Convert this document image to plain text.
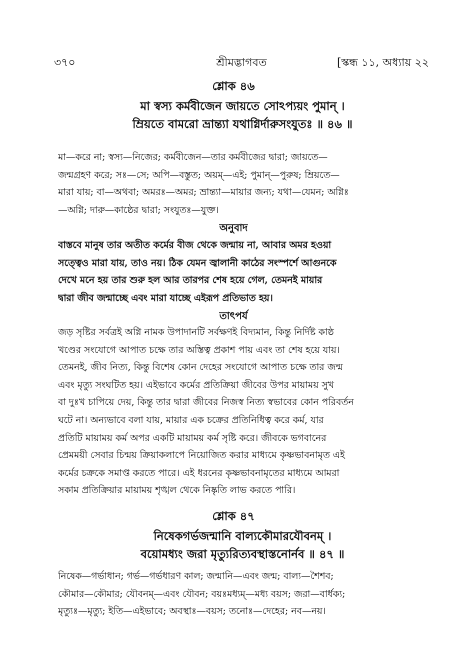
৩৭০	শ্রীমদ্ভাগবত	[স্কন্ধ ১১, অধ্যায় ২২
শ্লোক ৪৬
মা স্বস্য কর্মবীজেন জায়তে সোঽপ্যয়ং পুমান্ ।
ম্রিয়তে বামরো ভ্রান্ত্যা যথাগ্নির্দারুসংযুতঃ ॥ ৪৬ ॥
মা—করে না; স্বস্য—নিজের; কর্মবীজেন—তার কর্মবীজের দ্বারা; জায়তে—
জন্মগ্রহণ করে; সঃ—সে; অপি—বস্তুত; অয়ম্—এই; পুমান্—পুরুষ; ম্রিয়তে—
মারা যায়; বা—অথবা; অমরঃ—অমর; ভ্রান্ত্যা—মায়ার জন্য; যথা—যেমন; অগ্নিঃ
—অগ্নি; দারু—কাষ্ঠের দ্বারা; সংযুতঃ—যুক্ত।
অনুবাদ
বাস্তবে মানুষ তার অতীত কর্মের বীজ থেকে জন্মায় না, আবার অমর হওয়া
সত্ত্বেও মারা যায়, তাও নয়। ঠিক যেমন জ্বালানী কাঠের সংস্পর্শে আগুনকে
দেখে মনে হয় তার শুরু হল আর তারপর শেষ হয়ে গেল, তেমনই মায়ার
দ্বারা জীব জন্মাচ্ছে এবং মারা যাচ্ছে এইরূপ প্রতিভাত হয়।
তাৎপর্য
জড় সৃষ্টির সর্বত্রই অগ্নি নামক উপাদানটি সর্বক্ষণই বিদ্যমান, কিন্তু নির্দিষ্ট কাষ্ঠ
খণ্ডের সংযোগে আপাত চক্ষে তার অস্তিত্ব প্রকাশ পায় এবং তা শেষ হয়ে যায়।
তেমনই, জীব নিত্য, কিন্তু বিশেষ কোন দেহের সংযোগে আপাত চক্ষে তার জন্ম
এবং মৃত্যু সংঘটিত হয়। এইভাবে কর্মের প্রতিক্রিয়া জীবের উপর মায়াময় সুখ
বা দুঃখ চাপিয়ে দেয়, কিন্তু তার দ্বারা জীবের নিজস্ব নিত্য স্বভাবের কোন পরিবর্তন
ঘটে না। অন্যভাবে বলা যায়, মায়ার এক চক্রের প্রতিনিধিত্ব করে কর্ম, যার
প্রতিটি মায়াময় কর্ম অপর একটি মায়াময় কর্ম সৃষ্টি করে। জীবকে ভগবানের
প্রেমময়ী সেবার চিন্ময় ক্রিয়াকলাপে নিয়োজিত করার মাধ্যমে কৃষ্ণভাবনামৃত এই
কর্মের চক্রকে সমাপ্ত করতে পারে। এই ধরনের কৃষ্ণভাবনামৃতের মাধ্যমে আমরা
সকাম প্রতিক্রিয়ার মায়াময় শৃঙ্খল থেকে নিষ্কৃতি লাভ করতে পারি।
শ্লোক ৪৭
নিষেকগর্ভজন্মানি বাল্যকৌমারযৌবনম্ ।
বয়োমধ্যং জরা মৃত্যুরিত্যবস্থাস্তনোর্নব ॥ ৪৭ ॥
নিষেক—গর্ভাধান; গর্ভ—গর্ভধারণ কাল; জন্মানি—এবং জন্ম; বাল্য—শৈশব;
কৌমার—কৌমার; যৌবনম্—এবং যৌবন; বয়ঃমধ্যম্—মধ্য বয়স; জরা—বার্ধক্য;
মৃত্যুঃ—মৃত্যু; ইতি—এইভাবে; অবস্থাঃ—বয়স; তনোঃ—দেহের; নব—নয়।
